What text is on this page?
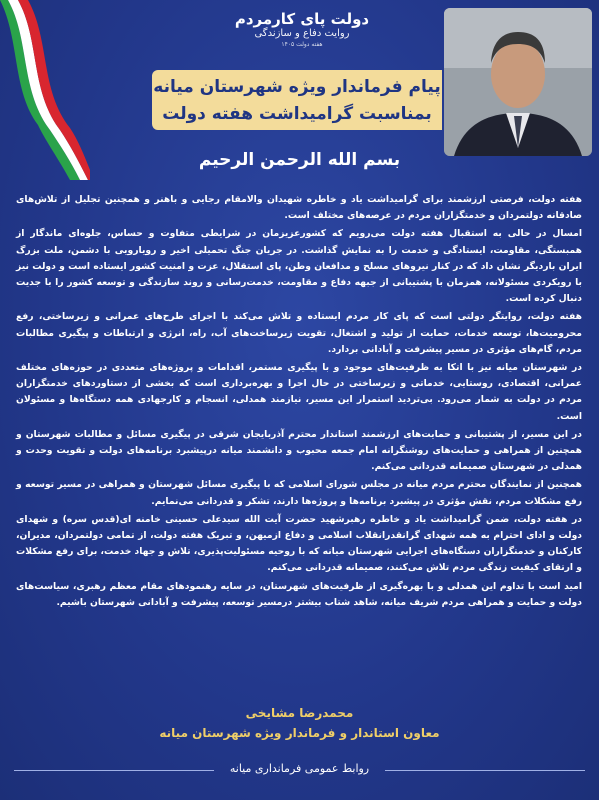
دولت پای کارمردم
روایت دفاع و سازندگی
هفته دولت ۱۴۰۵
پیام فرماندار ویژه شهرستان میانه
بمناسبت گرامیداشت هفته دولت
بسم الله الرحمن الرحیم

هفته دولت، فرصتی ارزشمند برای گرامیداشت یاد و خاطره شهیدان والامقام رجایی و باهنر و همچنین تجلیل از تلاش‌های صادقانه دولتمردان و خدمتگزاران مردم در عرصه‌های مختلف است.

امسال در حالی به استقبال هفته دولت می‌رویم که کشورعزیزمان در شرایطی متفاوت و حساس، جلوه‌ای ماندگار از همبستگی، مقاومت، ایستادگی و خدمت را به نمایش گذاشت. در جریان جنگ تحمیلی اخیر و رویارویی با دشمن، ملت بزرگ ایران باردیگر نشان داد که در کنار نیروهای مسلح و مدافعان وطن، پای استقلال، عزت و امنیت کشور ایستاده است و دولت نیز با رویکردی مسئولانه، همزمان با پشتیبانی از جبهه دفاع و مقاومت، خدمت‌رسانی و روند سازندگی و توسعه کشور را با جدیت دنبال کرده است.

هفته دولت، روایتگر دولتی است که پای کار مردم ایستاده و تلاش می‌کند با اجرای طرح‌های عمرانی و زیرساختی، رفع محرومیت‌ها، توسعه خدمات، حمایت از تولید و اشتغال، تقویت زیرساخت‌های آب، راه، انرژی و ارتباطات و پیگیری مطالبات مردم، گام‌های مؤثری در مسیر پیشرفت و آبادانی بردارد.

در شهرستان میانه نیز با اتکا به ظرفیت‌های موجود و با پیگیری مستمر، اقدامات و پروژه‌های متعددی در حوزه‌های مختلف عمرانی، اقتصادی، روستایی، خدماتی و زیرساختی در حال اجرا و بهره‌برداری است که بخشی از دستاوردهای خدمتگزاران مردم در دولت به شمار می‌رود. بی‌تردید استمرار این مسیر، نیازمند همدلی، انسجام و کارجهادی همه دستگاه‌ها و مسئولان است.

در این مسیر، از پشتیبانی و حمایت‌های ارزشمند استاندار محترم آذربایجان شرقی در پیگیری مسائل و مطالبات شهرستان و همچنین از همراهی و حمایت‌های روشنگرانه امام جمعه محبوب و دانشمند میانه درپیشبرد برنامه‌های دولت و تقویت وحدت و همدلی در شهرستان صمیمانه قدردانی می‌کنم.

همچنین از نمایندگان محترم مردم میانه در مجلس شورای اسلامی که با پیگیری مسائل شهرستان و همراهی در مسیر توسعه و رفع مشکلات مردم، نقش مؤثری در پیشبرد برنامه‌ها و پروژه‌ها دارند، تشکر و قدردانی می‌نمایم.

در هفته دولت، ضمن گرامیداشت یاد و خاطره رهبرشهید حضرت آیت الله سیدعلی حسینی خامنه ای(قدس سره) و شهدای دولت و ادای احترام به همه شهدای گرانقدرانقلاب اسلامی و دفاع ازمیهن، و تبریک هفته دولت، از تمامی دولتمردان، مدیران، کارکنان و خدمتگزاران دستگاه‌های اجرایی شهرستان میانه که با روحیه مسئولیت‌پذیری، تلاش و جهاد خدمت، برای رفع مشکلات و ارتقای کیفیت زندگی مردم تلاش می‌کنند، صمیمانه قدردانی می‌کنم.

امید است با تداوم این همدلی و با بهره‌گیری از ظرفیت‌های شهرستان، در سایه رهنمودهای مقام معظم رهبری، سیاست‌های دولت و حمایت و همراهی مردم شریف میانه، شاهد شتاب بیشتر درمسیر توسعه، پیشرفت و آبادانی شهرستان باشیم.

محمدرضا مشایخی
معاون استاندار و فرماندار ویژه شهرستان میانه
روابط عمومی فرمانداری میانه
